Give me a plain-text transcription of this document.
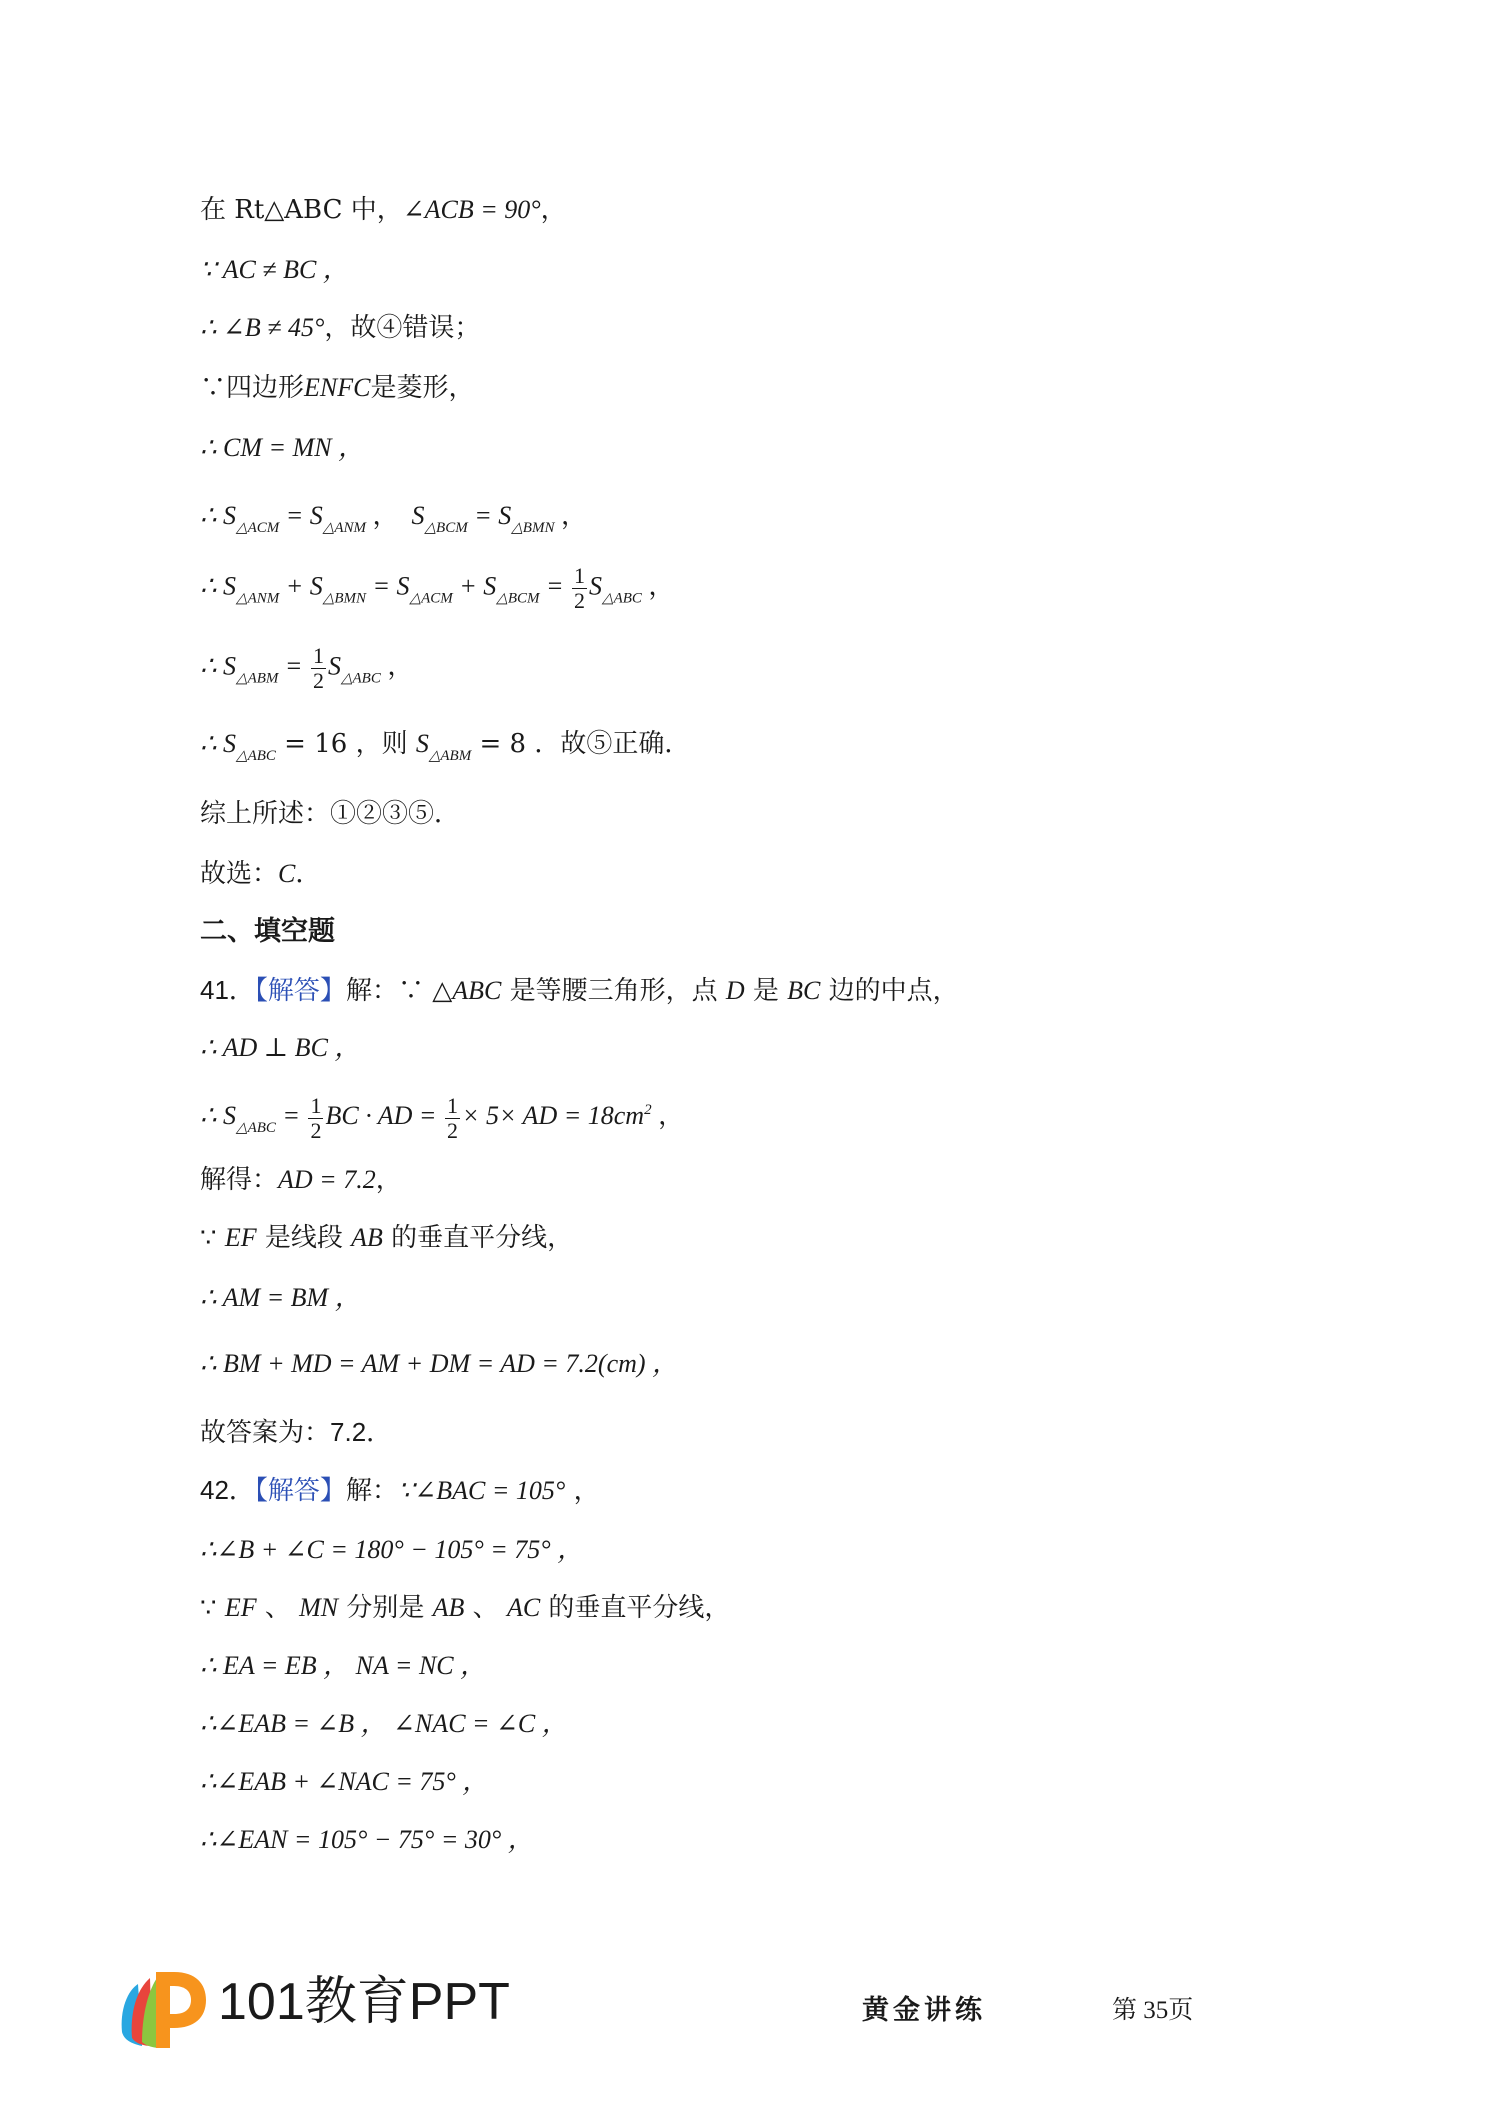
在 Rt△ABC 中，∠ACB = 90°，
∵ AC ≠ BC ，
∴ ∠B ≠ 45°，故④错误；
∵四边形ENFC是菱形，
∴ CM = MN ，
∴ $S_{\triangle ACM} = S_{\triangle ANM}$ ，  $S_{\triangle BCM} = S_{\triangle BMN}$ ，
∴ $S_{\triangle ANM} + S_{\triangle BMN} = S_{\triangle ACM} + S_{\triangle BCM} = \frac{1}{2} S_{\triangle ABC}$ ，
∴ $S_{\triangle ABM} = \frac{1}{2} S_{\triangle ABC}$ ，
∴ $S_{\triangle ABC} = 16$ ，则 $S_{\triangle ABM} = 8$ ．故⑤正确．
综上所述：①②③⑤．
故选：C．
二、填空题
41．【解答】解：∵ △ABC 是等腰三角形，点 D 是 BC 边的中点，
∴ AD ⊥ BC ，
∴ $S_{\triangle ABC} = \frac{1}{2}$ BC · AD = $\frac{1}{2} \times 5\times$ AD = $18cm^2$ ，
解得：AD = 7.2，
∵ EF 是线段 AB 的垂直平分线，
∴ AM = BM ，
∴ BM + MD = AM + DM = AD = 7.2(cm) ，
故答案为：7.2．
42．【解答】解：∵∠BAC = 105° ，
∴∠B + ∠C = 180° − 105° = 75° ，
∵ EF 、 MN 分别是 AB 、 AC 的垂直平分线，
∴ EA = EB ， NA = NC ，
∴∠EAB = ∠B ， ∠NAC = ∠C ，
∴∠EAB + ∠NAC = 75° ，
∴∠EAN = 105° − 75° = 30° ，
101教育PPT	黄金讲练	第 35页
